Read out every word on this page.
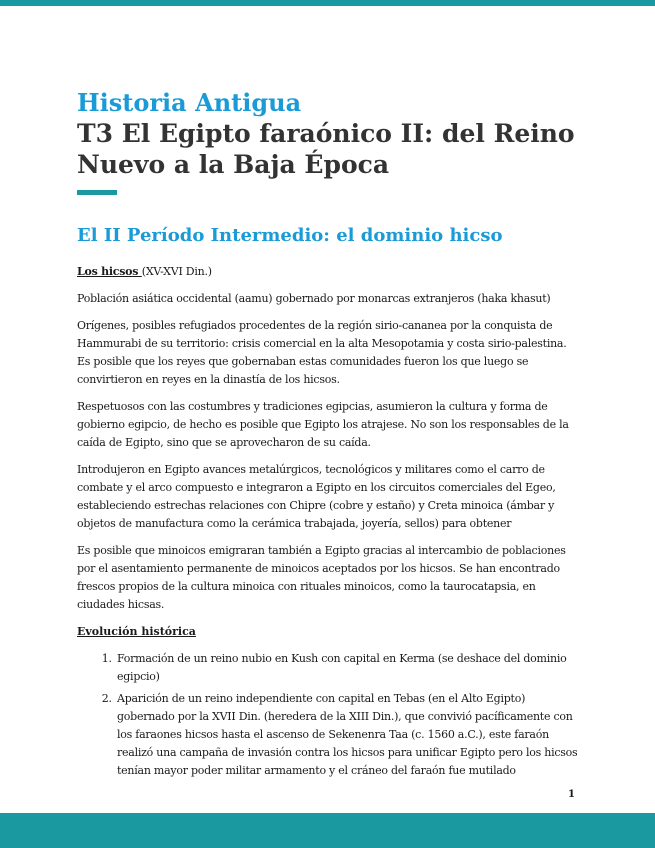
Historia Antigua
T3 El Egipto faraónico II: del Reino
Nuevo a la Baja Época
El II Período Intermedio: el dominio hicso

Los hicsos (XV-XVI Din.)

Población asiática occidental (aamu) gobernado por monarcas extranjeros (haka khasut)

Orígenes, posibles refugiados procedentes de la región sirio-cananea por la conquista de Hammurabi de su territorio: crisis comercial en la alta Mesopotamia y costa sirio-palestina. Es posible que los reyes que gobernaban estas comunidades fueron los que luego se convirtieron en reyes en la dinastía de los hicsos.

Respetuosos con las costumbres y tradiciones egipcias, asumieron la cultura y forma de gobierno egipcio, de hecho es posible que Egipto los atrajese. No son los responsables de la caída de Egipto, sino que se aprovecharon de su caída.

Introdujeron en Egipto avances metalúrgicos, tecnológicos y militares como el carro de combate y el arco compuesto e integraron a Egipto en los circuitos comerciales del Egeo, estableciendo estrechas relaciones con Chipre (cobre y estaño) y Creta minoica (ámbar y objetos de manufactura como la cerámica trabajada, joyería, sellos) para obtener

Es posible que minoicos emigraran también a Egipto gracias al intercambio de poblaciones por el asentamiento permanente de minoicos aceptados por los hicsos. Se han encontrado frescos propios de la cultura minoica con rituales minoicos, como la taurocatapsia, en ciudades hicsas.

Evolución histórica
1. Formación de un reino nubio en Kush con capital en Kerma (se deshace del dominio egipcio)
2. Aparición de un reino independiente con capital en Tebas (en el Alto Egipto) gobernado por la XVII Din. (heredera de la XIII Din.), que convivió pacíficamente con los faraones hicsos hasta el ascenso de Sekenenra Taa (c. 1560 a.C.), este faraón realizó una campaña de invasión contra los hicsos para unificar Egipto pero los hicsos tenían mayor poder militar armamento y el cráneo del faraón fue mutilado
1
